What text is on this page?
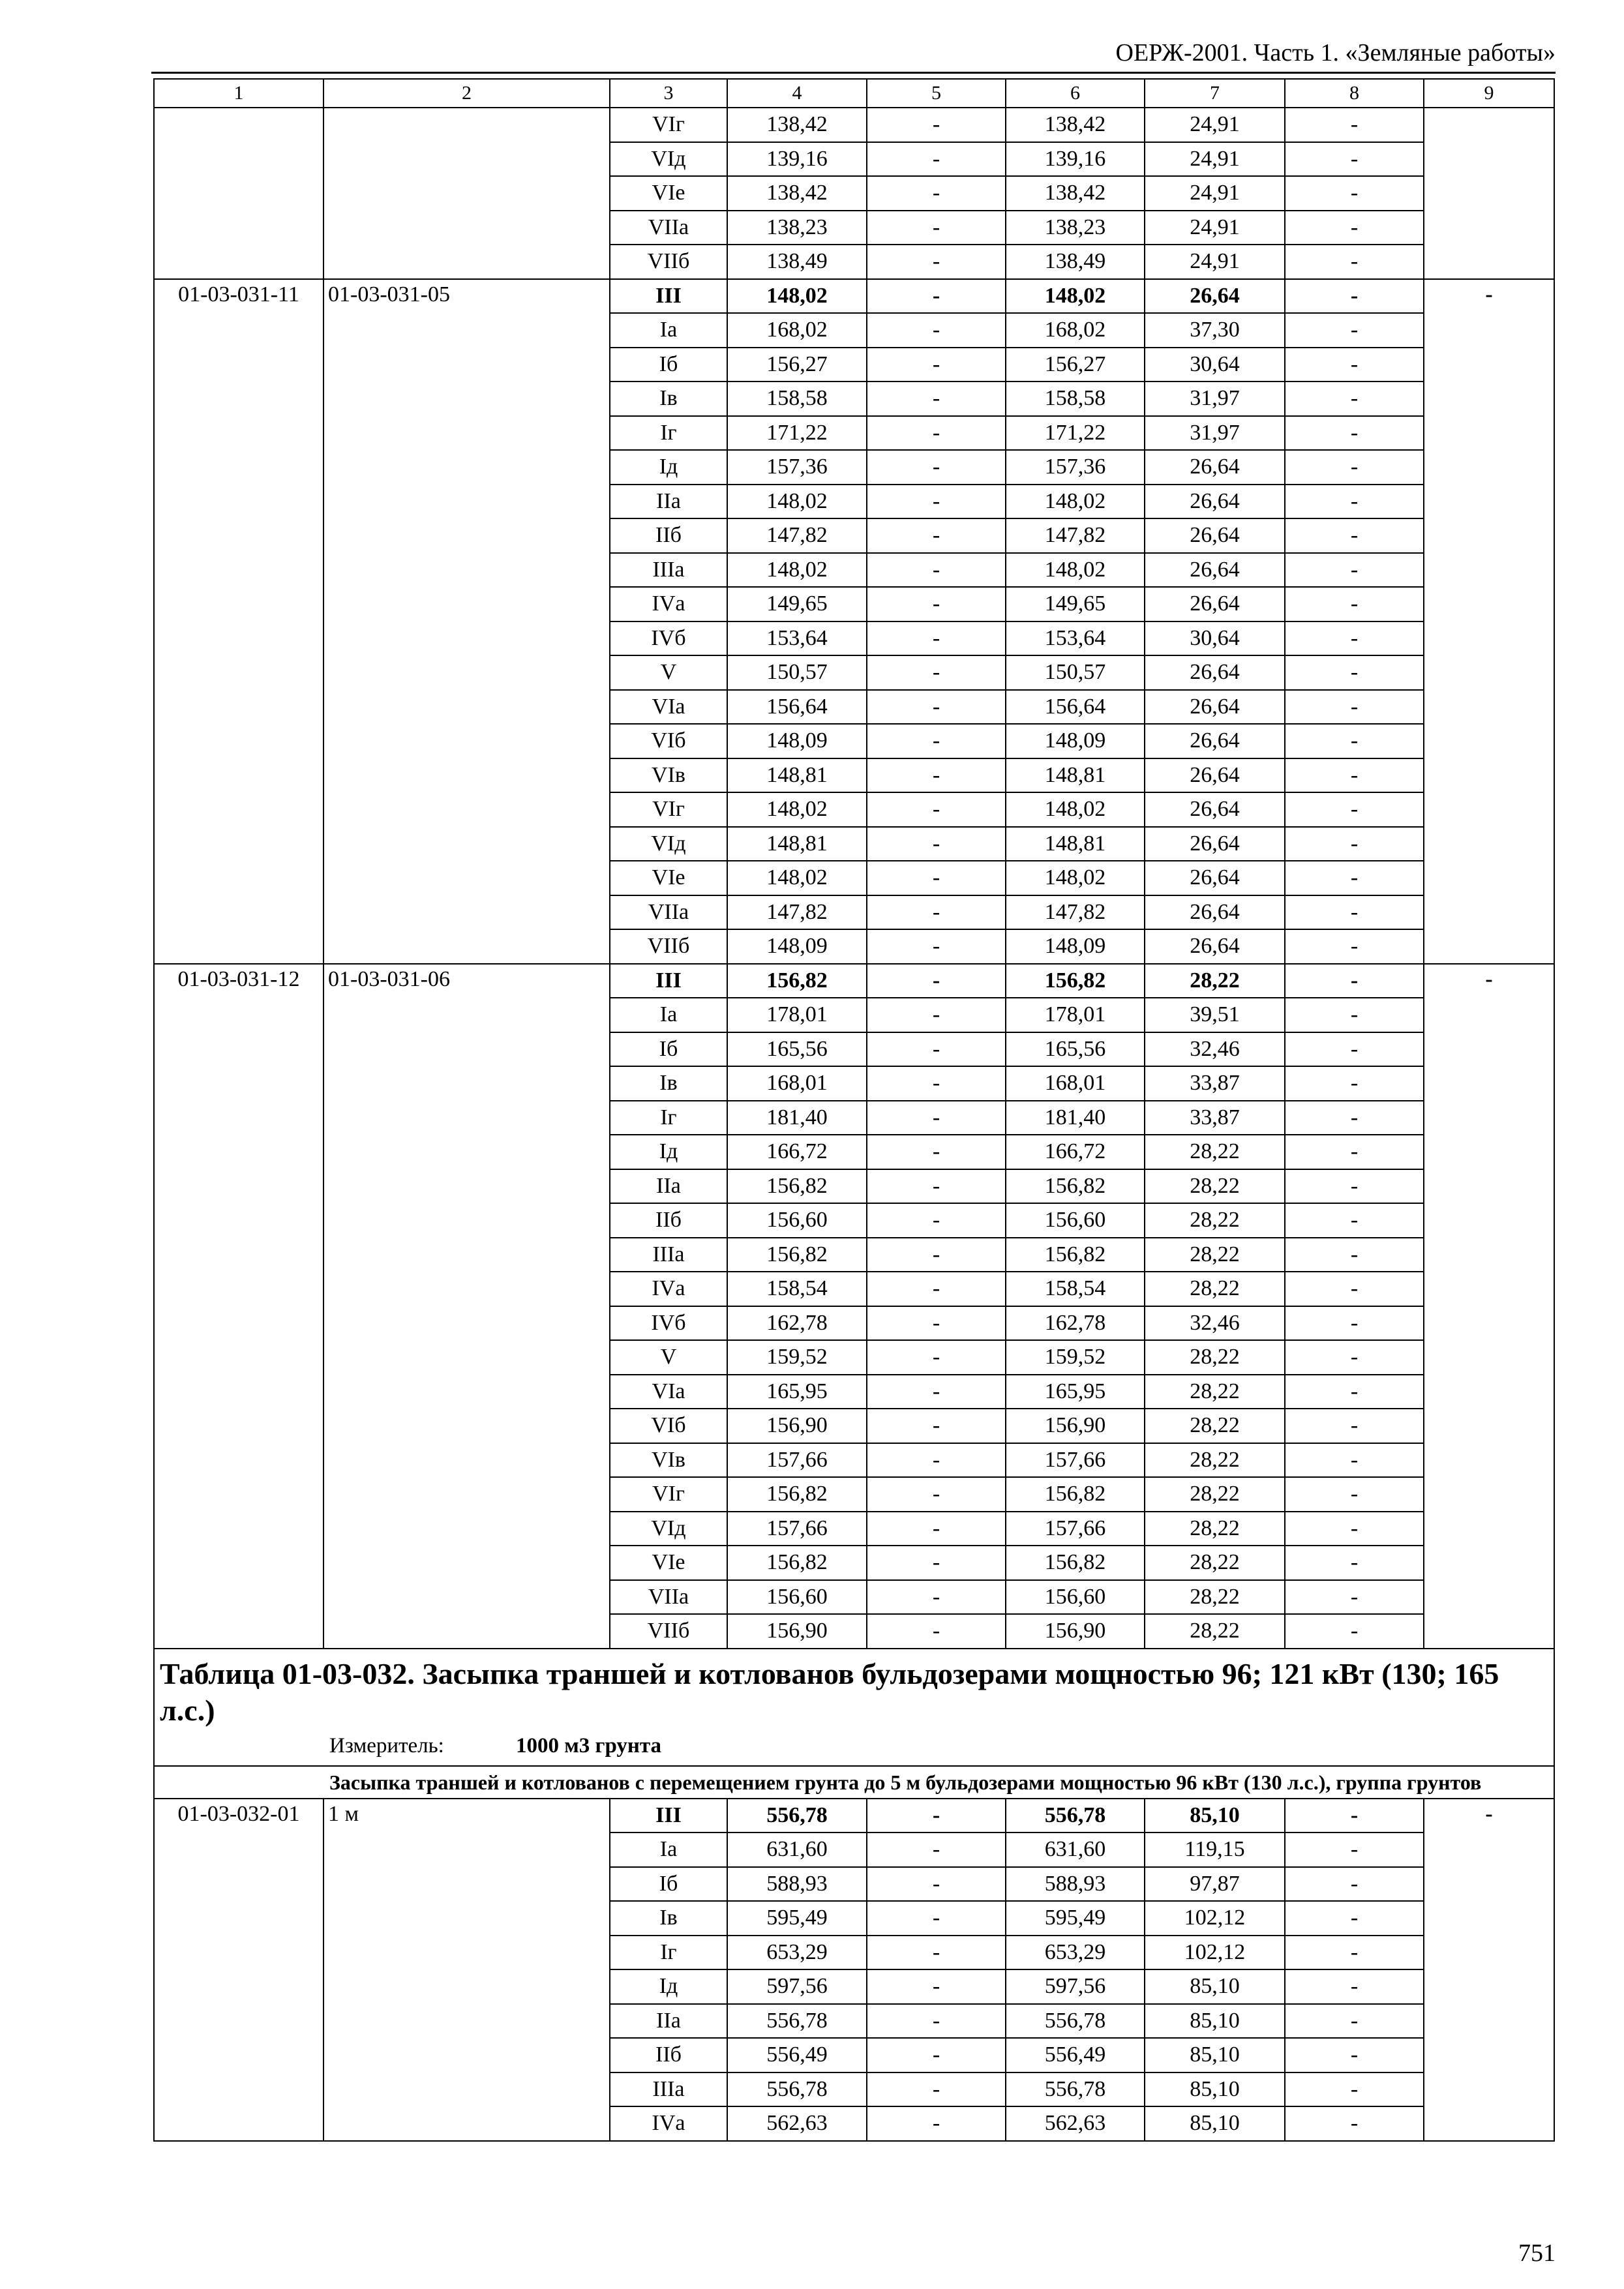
ОЕРЖ-2001. Часть 1. «Земляные работы»
1	2	3	4	5	6	7	8	9
		VIг	138,42	-	138,42	24,91	-	
		VIд	139,16	-	139,16	24,91	-	
		VIе	138,42	-	138,42	24,91	-	
		VIIа	138,23	-	138,23	24,91	-	
		VIIб	138,49	-	138,49	24,91	-	
01-03-031-11	01-03-031-05	III	148,02	-	148,02	26,64	-	-
		Iа	168,02	-	168,02	37,30	-	
		Iб	156,27	-	156,27	30,64	-	
		Iв	158,58	-	158,58	31,97	-	
		Iг	171,22	-	171,22	31,97	-	
		Iд	157,36	-	157,36	26,64	-	
		IIа	148,02	-	148,02	26,64	-	
		IIб	147,82	-	147,82	26,64	-	
		IIIа	148,02	-	148,02	26,64	-	
		IVа	149,65	-	149,65	26,64	-	
		IVб	153,64	-	153,64	30,64	-	
		V	150,57	-	150,57	26,64	-	
		VIа	156,64	-	156,64	26,64	-	
		VIб	148,09	-	148,09	26,64	-	
		VIв	148,81	-	148,81	26,64	-	
		VIг	148,02	-	148,02	26,64	-	
		VIд	148,81	-	148,81	26,64	-	
		VIе	148,02	-	148,02	26,64	-	
		VIIа	147,82	-	147,82	26,64	-	
		VIIб	148,09	-	148,09	26,64	-	
01-03-031-12	01-03-031-06	III	156,82	-	156,82	28,22	-	-
		Iа	178,01	-	178,01	39,51	-	
		Iб	165,56	-	165,56	32,46	-	
		Iв	168,01	-	168,01	33,87	-	
		Iг	181,40	-	181,40	33,87	-	
		Iд	166,72	-	166,72	28,22	-	
		IIа	156,82	-	156,82	28,22	-	
		IIб	156,60	-	156,60	28,22	-	
		IIIа	156,82	-	156,82	28,22	-	
		IVа	158,54	-	158,54	28,22	-	
		IVб	162,78	-	162,78	32,46	-	
		V	159,52	-	159,52	28,22	-	
		VIа	165,95	-	165,95	28,22	-	
		VIб	156,90	-	156,90	28,22	-	
		VIв	157,66	-	157,66	28,22	-	
		VIг	156,82	-	156,82	28,22	-	
		VIд	157,66	-	157,66	28,22	-	
		VIе	156,82	-	156,82	28,22	-	
		VIIа	156,60	-	156,60	28,22	-	
		VIIб	156,90	-	156,90	28,22	-	

Таблица 01-03-032. Засыпка траншей и котлованов бульдозерами мощностью 96; 121 кВт (130; 165 л.с.)
Измеритель: 1000 м3 грунта								

Засыпка траншей и котлованов с перемещением грунта до 5 м бульдозерами мощностью 96 кВт (130 л.с.), группа грунтов								

01-03-032-01	1 м	III	556,78	-	556,78	85,10	-	-
		Iа	631,60	-	631,60	119,15	-	
		Iб	588,93	-	588,93	97,87	-	
		Iв	595,49	-	595,49	102,12	-	
		Iг	653,29	-	653,29	102,12	-	
		Iд	597,56	-	597,56	85,10	-	
		IIа	556,78	-	556,78	85,10	-	
		IIб	556,49	-	556,49	85,10	-	
		IIIа	556,78	-	556,78	85,10	-	
		IVа	562,63	-	562,63	85,10	-	
751
